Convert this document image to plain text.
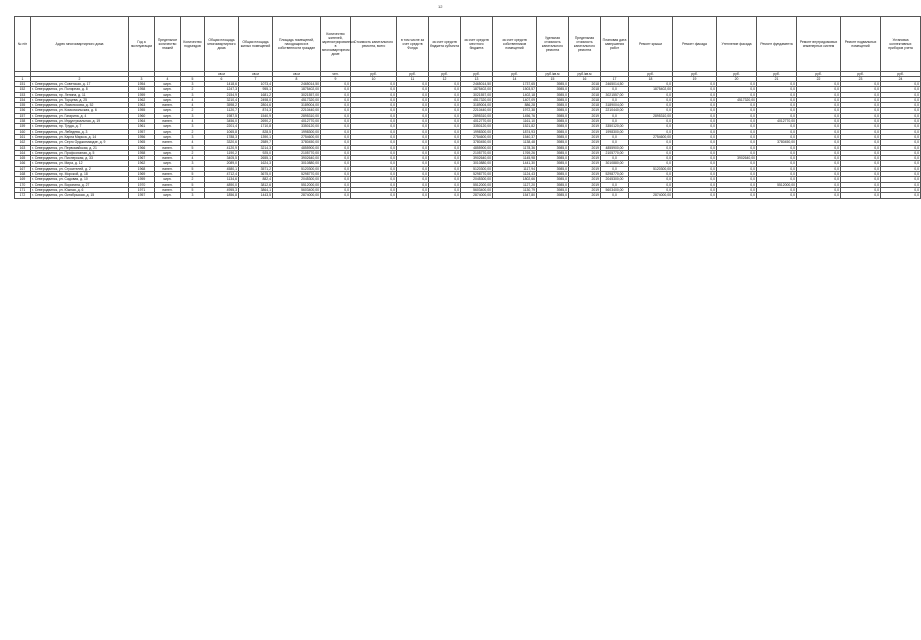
12
№ п/п	Адрес многоквартирного дома	Год а эксплуатации	Предельное количество этажей	Количество подъездов	Общая площадь многоквартирного дома	Общая площадь жилых помещений	Площадь помещений, находящихся в собственности граждан	Количество жителей, зарегистрированных в многоквартирном доме	Стоимость капитального ремонта, всего	в том числе за счет средств Фонда	за счет средств бюджета субъекта	за счет средств местного бюджета	за счет средств собственников помещений	Удельная стоимость капитального ремонта	Предельная стоимость капитального ремонта	Плановая дата завершения работ	Ремонт крыши	Ремонт фасада	Утепление фасада	Ремонт фундамента	Ремонт внутридомовых инженерных систем	Ремонт подвальных помещений	Установка коллективных приборов учета
					кв.м	кв.м	кв.м	чел.	руб.	руб.	руб.	руб.	руб.	руб./кв.м	руб./кв.м		руб.	руб.	руб.	руб.	руб.	руб.	руб.
1	2	3	4	5	6	7	8	9	10	11	12	13	14	15	16	17	18	19	20	21	22	23	24
151	г. Северодвинск, ул. Советская, д. 17	1954	кирп.	3	1418,6	1073,4	2465014,50	0,0	0,0	0,0	0,0	2465014,50	1737,65	3985,0	2018	2465014,50	0,0	0,0	0,0	0,0	0,0	0,0	0,0
152	г. Северодвинск, ул. Полярная, д. 8	1958	кирп.	2	1247,3	955,1	1875402,00	0,0	0,0	0,0	0,0	1875402,00	1503,57	3985,0	2018	0,0	1875402,00	0,0	0,0	0,0	0,0	0,0	0,0
153	г. Северодвинск, пр. Ленина, д. 11	1959	кирп.	3	2154,9	1681,2	3021557,00	0,0	0,0	0,0	0,0	3021557,00	1402,18	3985,0	2018	3021557,00	0,0	0,0	0,0	0,0	0,0	0,0	0,0
154	г. Северодвинск, ул. Торцева, д. 25	1962	кирп.	4	3210,4	2498,0	4517320,00	0,0	0,0	0,0	0,0	4517320,00	1407,09	3985,0	2018	0,0	0,0	0,0	4517320,00	0,0	0,0	0,0	0,0
155	г. Северодвинск, ул. Ломоносова, д. 52	1963	панел.	4	3598,2	2804,6	3189004,00	0,0	0,0	0,0	0,0	3189004,00	886,28	3985,0	2018	3189004,00	0,0	0,0	0,0	0,0	0,0	0,0	0,0
156	г. Северодвинск, ул. Комсомольская, д. 6	1955	кирп.	2	1120,7	874,3	2210440,00	0,0	0,0	0,0	0,0	2210440,00	1972,38	3985,0	2019	2210440,00	0,0	0,0	0,0	0,0	0,0	0,0	0,0
157	г. Северодвинск, ул. Гагарина, д. 4	1960	кирп.	3	1987,5	1540,9	2895310,00	0,0	0,0	0,0	0,0	2895310,00	1456,76	3985,0	2019	0,0	2895310,00	0,0	0,0	0,0	0,0	0,0	0,0
158	г. Северодвинск, ул. Индустриальная, д. 19	1964	панел.	4	3456,0	2690,2	4012770,00	0,0	0,0	0,0	0,0	4012770,00	1161,10	3985,0	2019	0,0	0,0	0,0	0,0	4012770,00	0,0	0,0	0,0
159	г. Северодвинск, пр. Труда, д. 7	1961	кирп.	3	2201,4	1710,8	3350120,00	0,0	0,0	0,0	0,0	3350120,00	1521,82	3985,0	2019	3350120,00	0,0	0,0	0,0	0,0	0,0	0,0	0,0
160	г. Северодвинск, ул. Лебедева, д. 3	1957	кирп.	2	1065,8	828,5	1998300,00	0,0	0,0	0,0	0,0	1998300,00	1874,93	3985,0	2019	1998300,00	0,0	0,0	0,0	0,0	0,0	0,0	0,0
161	г. Северодвинск, ул. Карла Маркса, д. 14	1956	кирп.	3	1788,3	1390,1	2754600,00	0,0	0,0	0,0	0,0	2754600,00	1540,37	3985,0	2019	0,0	2754600,00	0,0	0,0	0,0	0,0	0,0	0,0
162	г. Северодвинск, ул. Серго Орджоникидзе, д. 9	1965	панел.	4	3320,6	2589,7	3780450,00	0,0	0,0	0,0	0,0	3780450,00	1138,48	3985,0	2019	0,0	0,0	0,0	0,0	3780450,00	0,0	0,0	0,0
163	г. Северодвинск, ул. Первомайская, д. 21	1966	панел.	5	4120,9	3214,3	4855900,00	0,0	0,0	0,0	0,0	4855900,00	1178,36	3985,0	2019	4855900,00	0,0	0,0	0,0	0,0	0,0	0,0	0,0
164	г. Северодвинск, ул. Профсоюзная, д. 5	1958	кирп.	2	1190,2	925,0	2105770,00	0,0	0,0	0,0	0,0	2105770,00	1769,26	3985,0	2019	2105770,00	0,0	0,0	0,0	0,0	0,0	0,0	0,0
165	г. Северодвинск, ул. Пионерская, д. 33	1967	панел.	4	3405,5	2655,1	3902640,00	0,0	0,0	0,0	0,0	3902640,00	1145,98	3985,0	2019	0,0	0,0	0,0	3902640,00	0,0	0,0	0,0	0,0
166	г. Северодвинск, ул. Мира, д. 12	1962	кирп.	3	2089,0	1624,3	3010880,00	0,0	0,0	0,0	0,0	3010880,00	1441,30	3985,0	2019	3010880,00	0,0	0,0	0,0	0,0	0,0	0,0	0,0
167	г. Северодвинск, ул. Строителей, д. 2	1968	панел.	5	4580,1	3571,2	5120300,00	0,0	0,0	0,0	0,0	5120300,00	1117,94	3985,0	2019	0,0	5120300,00	0,0	0,0	0,0	0,0	0,0	0,0
168	г. Северодвинск, пр. Морской, д. 18	1969	панел.	5	4712,4	3675,0	5298770,00	0,0	0,0	0,0	0,0	5298770,00	1124,43	3985,0	2019	5298770,00	0,0	0,0	0,0	0,0	0,0	0,0	0,0
169	г. Северодвинск, ул. Садовая, д. 10	1959	кирп.	2	1134,6	882,4	2045300,00	0,0	0,0	0,0	0,0	2045300,00	1802,66	3985,0	2019	2045300,00	0,0	0,0	0,0	0,0	0,0	0,0	0,0
170	г. Северодвинск, ул. Воронина, д. 27	1970	панел.	5	4890,0	3812,6	5512000,00	0,0	0,0	0,0	0,0	5512000,00	1127,20	3985,0	2019	0,0	0,0	0,0	0,0	5512000,00	0,0	0,0	0,0
171	г. Северодвинск, ул. Южная, д. 6	1971	панел.	5	4955,3	3864,1	5603400,00	0,0	0,0	0,0	0,0	5603400,00	1130,79	3985,0	2019	5603400,00	0,0	0,0	0,0	0,0	0,0	0,0	0,0
172	г. Северодвинск, ул. Октябрьская, д. 15	1957	кирп.	3	1856,8	1443,5	2874000,00	0,0	0,0	0,0	0,0	2874000,00	1547,80	3985,0	2019	0,0	2874000,00	0,0	0,0	0,0	0,0	0,0	0,0
